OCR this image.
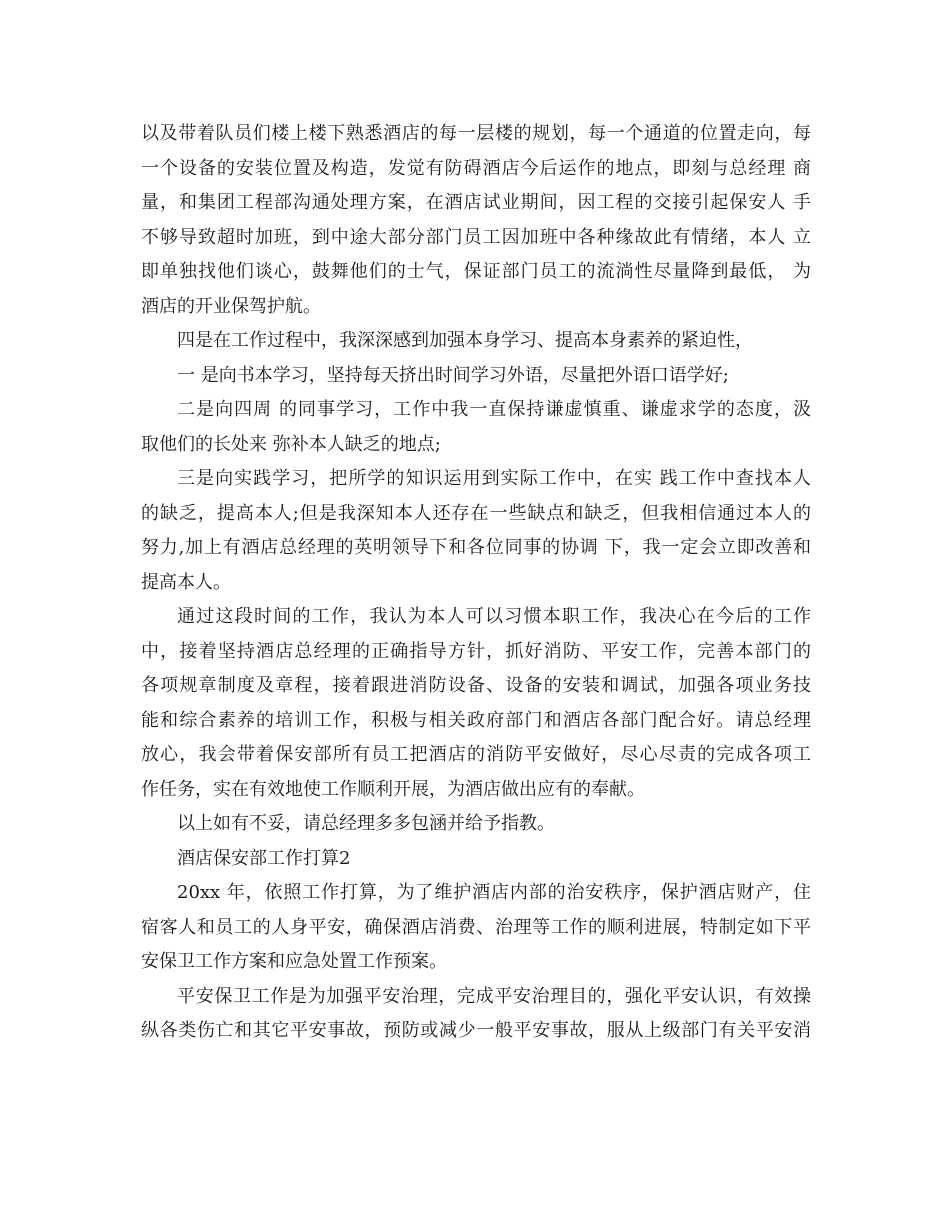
以及带着队员们楼上楼下熟悉酒店的每一层楼的规划，每一个通道的位置走向，每
一个设备的安装位置及构造，发觉有防碍酒店今后运作的地点，即刻与总经理 商
量，和集团工程部沟通处理方案，在酒店试业期间，因工程的交接引起保安人 手
不够导致超时加班，到中途大部分部门员工因加班中各种缘故此有情绪，本人 立
即单独找他们谈心，鼓舞他们的士气，保证部门员工的流淌性尽量降到最低， 为
酒店的开业保驾护航。
四是在工作过程中，我深深感到加强本身学习、提高本身素养的紧迫性，
一 是向书本学习，坚持每天挤出时间学习外语，尽量把外语口语学好;
二是向四周 的同事学习，工作中我一直保持谦虚慎重、谦虚求学的态度，汲
取他们的长处来 弥补本人缺乏的地点;
三是向实践学习，把所学的知识运用到实际工作中，在实 践工作中查找本人
的缺乏，提高本人;但是我深知本人还存在一些缺点和缺乏，但我相信通过本人的
努力,加上有酒店总经理的英明领导下和各位同事的协调 下，我一定会立即改善和
提高本人。
通过这段时间的工作，我认为本人可以习惯本职工作，我决心在今后的工作
中，接着坚持酒店总经理的正确指导方针，抓好消防、平安工作，完善本部门的
各项规章制度及章程，接着跟进消防设备、设备的安装和调试，加强各项业务技
能和综合素养的培训工作，积极与相关政府部门和酒店各部门配合好。请总经理
放心，我会带着保安部所有员工把酒店的消防平安做好，尽心尽责的完成各项工
作任务，实在有效地使工作顺利开展，为酒店做出应有的奉献。
以上如有不妥，请总经理多多包涵并给予指教。
酒店保安部工作打算2
20xx 年，依照工作打算，为了维护酒店内部的治安秩序，保护酒店财产，住
宿客人和员工的人身平安，确保酒店消费、治理等工作的顺利进展，特制定如下平
安保卫工作方案和应急处置工作预案。
平安保卫工作是为加强平安治理，完成平安治理目的，强化平安认识，有效操
纵各类伤亡和其它平安事故，预防或减少一般平安事故，服从上级部门有关平安消
